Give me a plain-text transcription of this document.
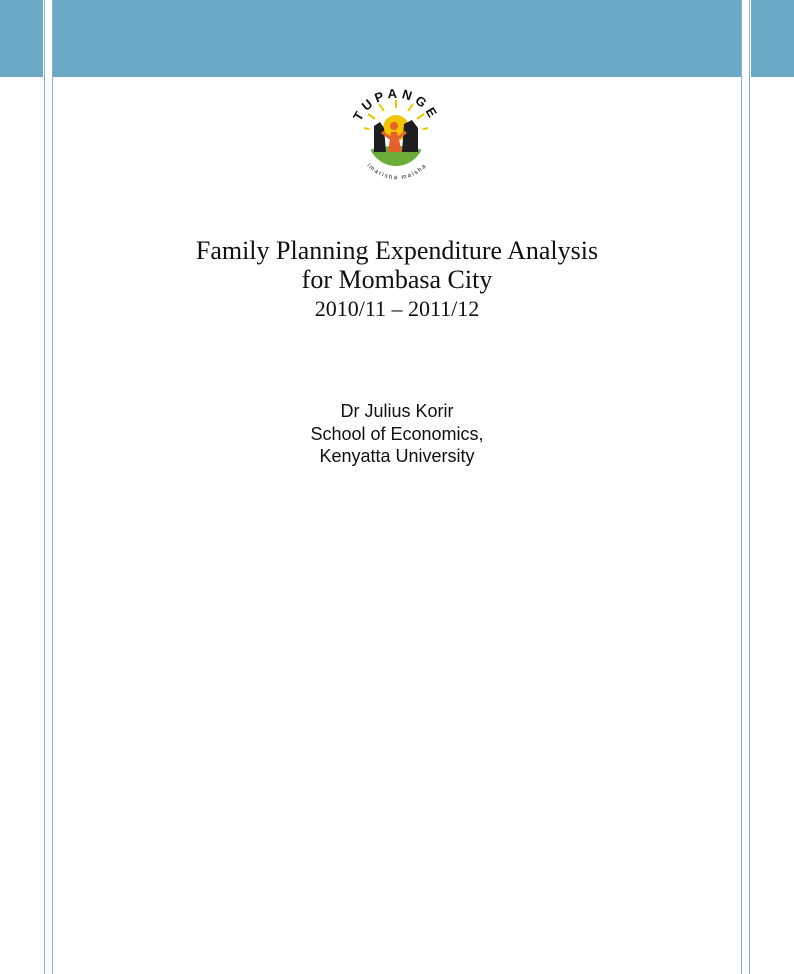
TUPANGE
imarisha maisha
Family Planning Expenditure Analysis
for Mombasa City
2010/11 – 2011/12
Dr Julius Korir
School of Economics,
Kenyatta University
